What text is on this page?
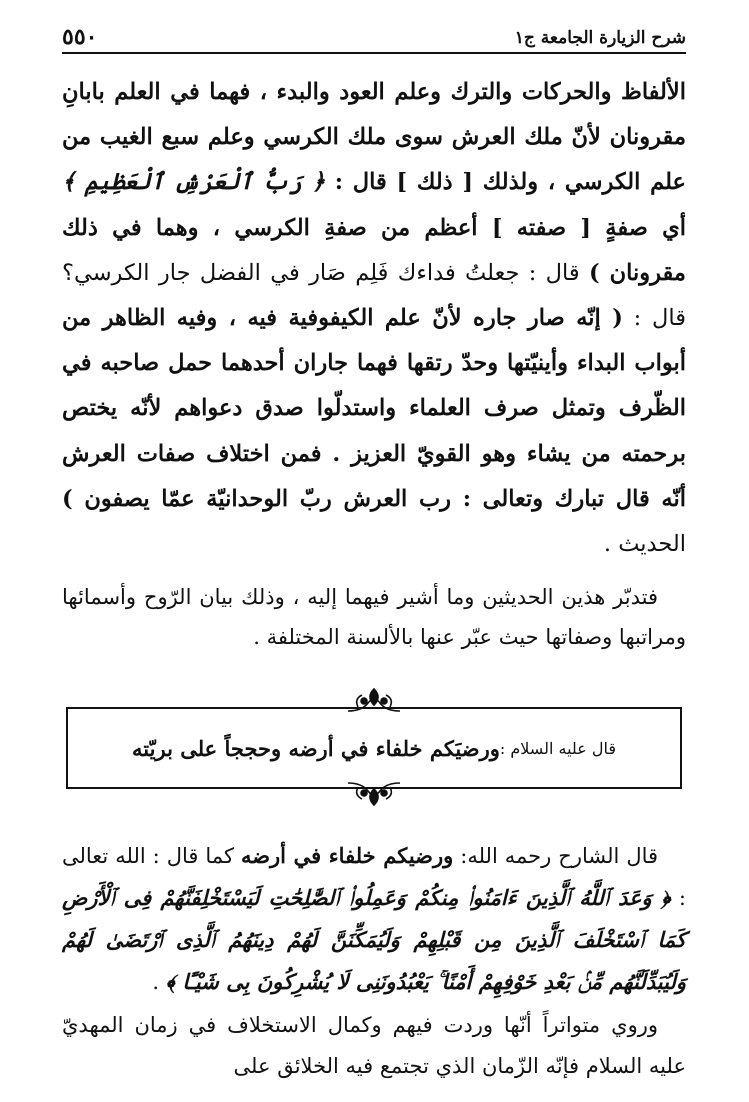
شرح الزيارة الجامعة ج١
٥٥٠
الألفاظ والحركات والترك وعلم العود والبدء ، فهما في العلم بابانِ مقرونان لأنّ ملك العرش سوى ملك الكرسي وعلم سبع الغيب من علم الكرسي ، ولذلك [ ذلك ] قال : ﴿ رَبُّ ٱلْعَرْشِ ٱلْعَظِيمِ ﴾ أي صفةٍ [ صفته ] أعظم من صفةِ الكرسي ، وهما في ذلك مقرونان ) قال : جعلتُ فداءك فَلِم صَار في الفضل جار الكرسي؟ قال : ( إنّه صار جاره لأنّ علم الكيفوفية فيه ، وفيه الظاهر من أبواب البداء وأينيّتها وحدّ رتقها فهما جاران أحدهما حمل صاحبه في الظّرف وتمثل صرف العلماء واستدلّوا صدق دعواهم لأنّه يختص برحمته من يشاء وهو القويّ العزيز . فمن اختلاف صفات العرش أنّه قال تبارك وتعالى : رب العرش ربّ الوحدانيّة عمّا يصفون ) الحديث .
فتدبّر هذين الحديثين وما أشير فيهما إليه ، وذلك بيان الرّوح وأسمائها ومراتبها وصفاتها حيث عبّر عنها بالألسنة المختلفة .
قال عليه السلام :
ورضيَكم خلفاء في أرضه وحججاً على بريّته
قال الشارح رحمه الله: ورضيكم خلفاء في أرضه كما قال : الله تعالى : ﴿ وَعَدَ ٱللَّهُ ٱلَّذِينَ ءَامَنُوا۟ مِنكُمْ وَعَمِلُوا۟ ٱلصَّٰلِحَٰتِ لَيَسْتَخْلِفَنَّهُمْ فِى ٱلْأَرْضِ كَمَا ٱسْتَخْلَفَ ٱلَّذِينَ مِن قَبْلِهِمْ وَلَيُمَكِّنَنَّ لَهُمْ دِينَهُمُ ٱلَّذِى ٱرْتَضَىٰ لَهُمْ وَلَيُبَدِّلَنَّهُم مِّنۢ بَعْدِ خَوْفِهِمْ أَمْنًا ۚ يَعْبُدُونَنِى لَا يُشْرِكُونَ بِى شَيْـًٔا ﴾ .
وروي متواتراً أنّها وردت فيهم وكمال الاستخلاف في زمان المهديّ عليه السلام فإنّه الزّمان الذي تجتمع فيه الخلائق على
